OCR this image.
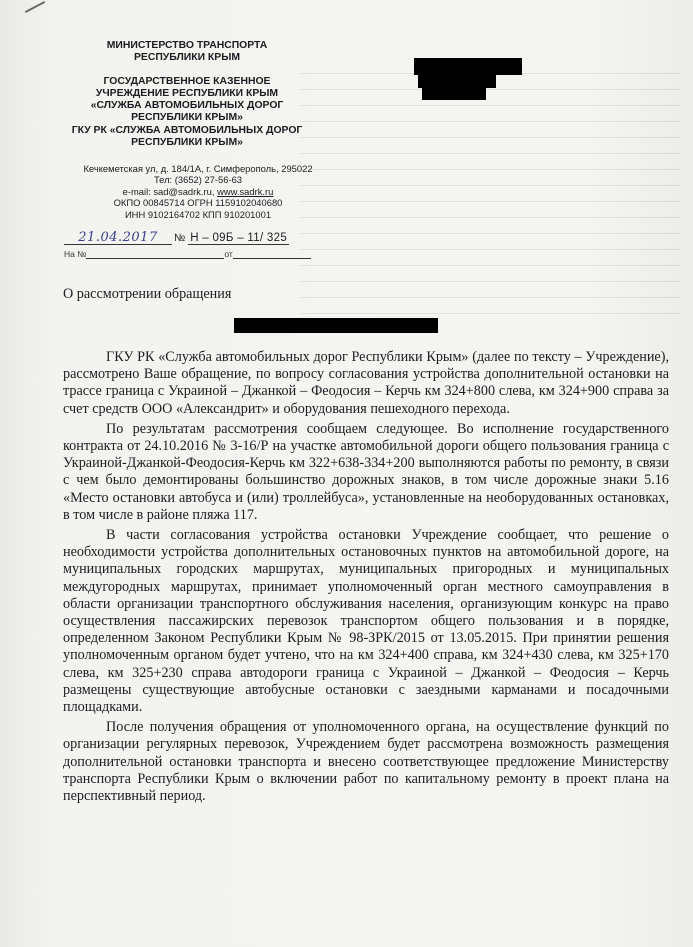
МИНИСТЕРСТВО ТРАНСПОРТА

РЕСПУБЛИКИ КРЫМ

ГОСУДАРСТВЕННОЕ КАЗЕННОЕ

УЧРЕЖДЕНИЕ РЕСПУБЛИКИ КРЫМ

«СЛУЖБА АВТОМОБИЛЬНЫХ ДОРОГ

РЕСПУБЛИКИ КРЫМ»

ГКУ РК «СЛУЖБА АВТОМОБИЛЬНЫХ ДОРОГ

РЕСПУБЛИКИ КРЫМ»

Кечкеметская ул, д. 184/1А, г. Симферополь, 295022
Тел: (3652) 27-56-63
e-mail: sad@sadrk.ru, www.sadrk.ru
ОКПО 00845714 ОГРН 1159102040680
ИНН 9102164702 КПП 910201001
21.04.2017 № Н – 09Б – 11/ 325
На №	от
О рассмотрении обращения

ГКУ РК «Служба автомобильных дорог Республики Крым» (далее по тексту – Учреждение), рассмотрено Ваше обращение, по вопросу согласования устройства дополнительной остановки на трассе граница с Украиной – Джанкой – Феодосия – Керчь км 324+800 слева, км 324+900 справа за счет средств ООО «Александрит» и оборудования пешеходного перехода.

По результатам рассмотрения сообщаем следующее. Во исполнение государственного контракта от 24.10.2016 № 3-16/Р на участке автомобильной дороги общего пользования граница с Украиной-Джанкой-Феодосия-Керчь км 322+638-334+200 выполняются работы по ремонту, в связи с чем было демонтированы большинство дорожных знаков, в том числе дорожные знаки 5.16 «Место остановки автобуса и (или) троллейбуса», установленные на необорудованных остановках, в том числе в районе пляжа 117.

В части согласования устройства остановки Учреждение сообщает, что решение о необходимости устройства дополнительных остановочных пунктов на автомобильной дороге, на муниципальных городских маршрутах, муниципальных пригородных и муниципальных междугородных маршрутах, принимает уполномоченный орган местного самоуправления в области организации транспортного обслуживания населения, организующим конкурс на право осуществления пассажирских перевозок транспортом общего пользования и в порядке, определенном Законом Республики Крым № 98-ЗРК/2015 от 13.05.2015. При принятии решения уполномоченным органом будет учтено, что на км 324+400 справа, км 324+430 слева, км 325+170 слева, км 325+230 справа автодороги граница с Украиной – Джанкой – Феодосия – Керчь размещены существующие автобусные остановки с заездными карманами и посадочными площадками.

После получения обращения от уполномоченного органа, на осуществление функций по организации регулярных перевозок, Учреждением будет рассмотрена возможность размещения дополнительной остановки транспорта и внесено соответствующее предложение Министерству транспорта Республики Крым о включении работ по капитальному ремонту в проект плана на перспективный период.
